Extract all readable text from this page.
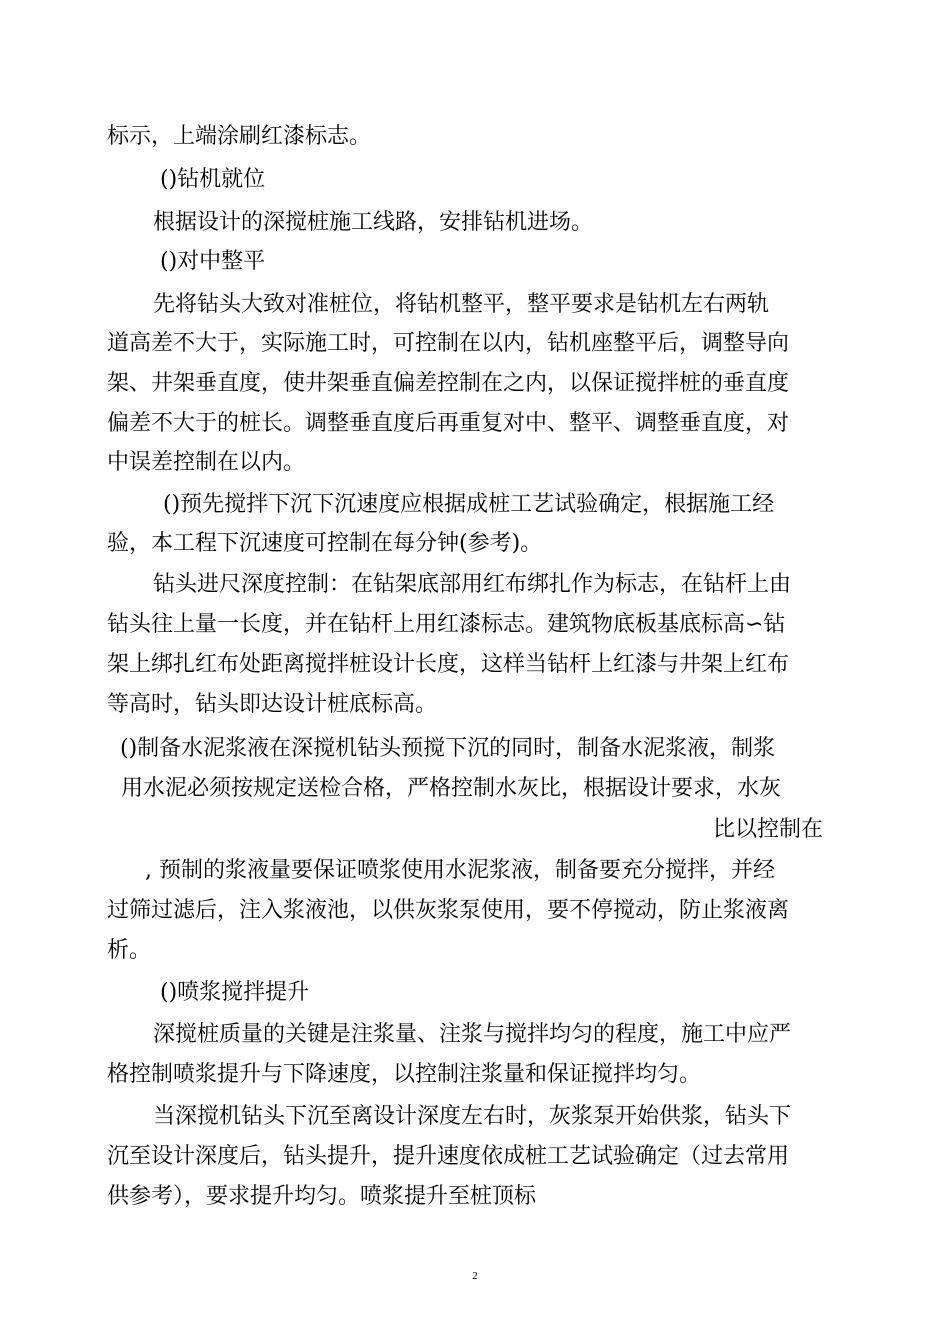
标示，上端涂刷红漆标志。
()钻机就位
根据设计的深搅桩施工线路，安排钻机进场。
()对中整平
先将钻头大致对准桩位，将钻机整平，整平要求是钻机左右两轨
道高差不大于，实际施工时，可控制在以内，钻机座整平后，调整导向
架、井架垂直度，使井架垂直偏差控制在之内，以保证搅拌桩的垂直度
偏差不大于的桩长。调整垂直度后再重复对中、整平、调整垂直度，对
中误差控制在以内。
()预先搅拌下沉下沉速度应根据成桩工艺试验确定，根据施工经
验，本工程下沉速度可控制在每分钟(参考)。
钻头进尺深度控制：在钻架底部用红布绑扎作为标志，在钻杆上由
钻头往上量一长度，并在钻杆上用红漆标志。建筑物底板基底标高∽钻
架上绑扎红布处距离搅拌桩设计长度，这样当钻杆上红漆与井架上红布
等高时，钻头即达设计桩底标高。
()制备水泥浆液在深搅机钻头预搅下沉的同时，制备水泥浆液，制浆
用水泥必须按规定送检合格，严格控制水灰比，根据设计要求，水灰
比以控制在
, 预制的浆液量要保证喷浆使用水泥浆液，制备要充分搅拌，并经
过筛过滤后，注入浆液池，以供灰浆泵使用，要不停搅动，防止浆液离
析。
()喷浆搅拌提升
深搅桩质量的关键是注浆量、注浆与搅拌均匀的程度，施工中应严
格控制喷浆提升与下降速度，以控制注浆量和保证搅拌均匀。
当深搅机钻头下沉至离设计深度左右时，灰浆泵开始供浆，钻头下
沉至设计深度后，钻头提升，提升速度依成桩工艺试验确定（过去常用
供参考），要求提升均匀。喷浆提升至桩顶标
2
